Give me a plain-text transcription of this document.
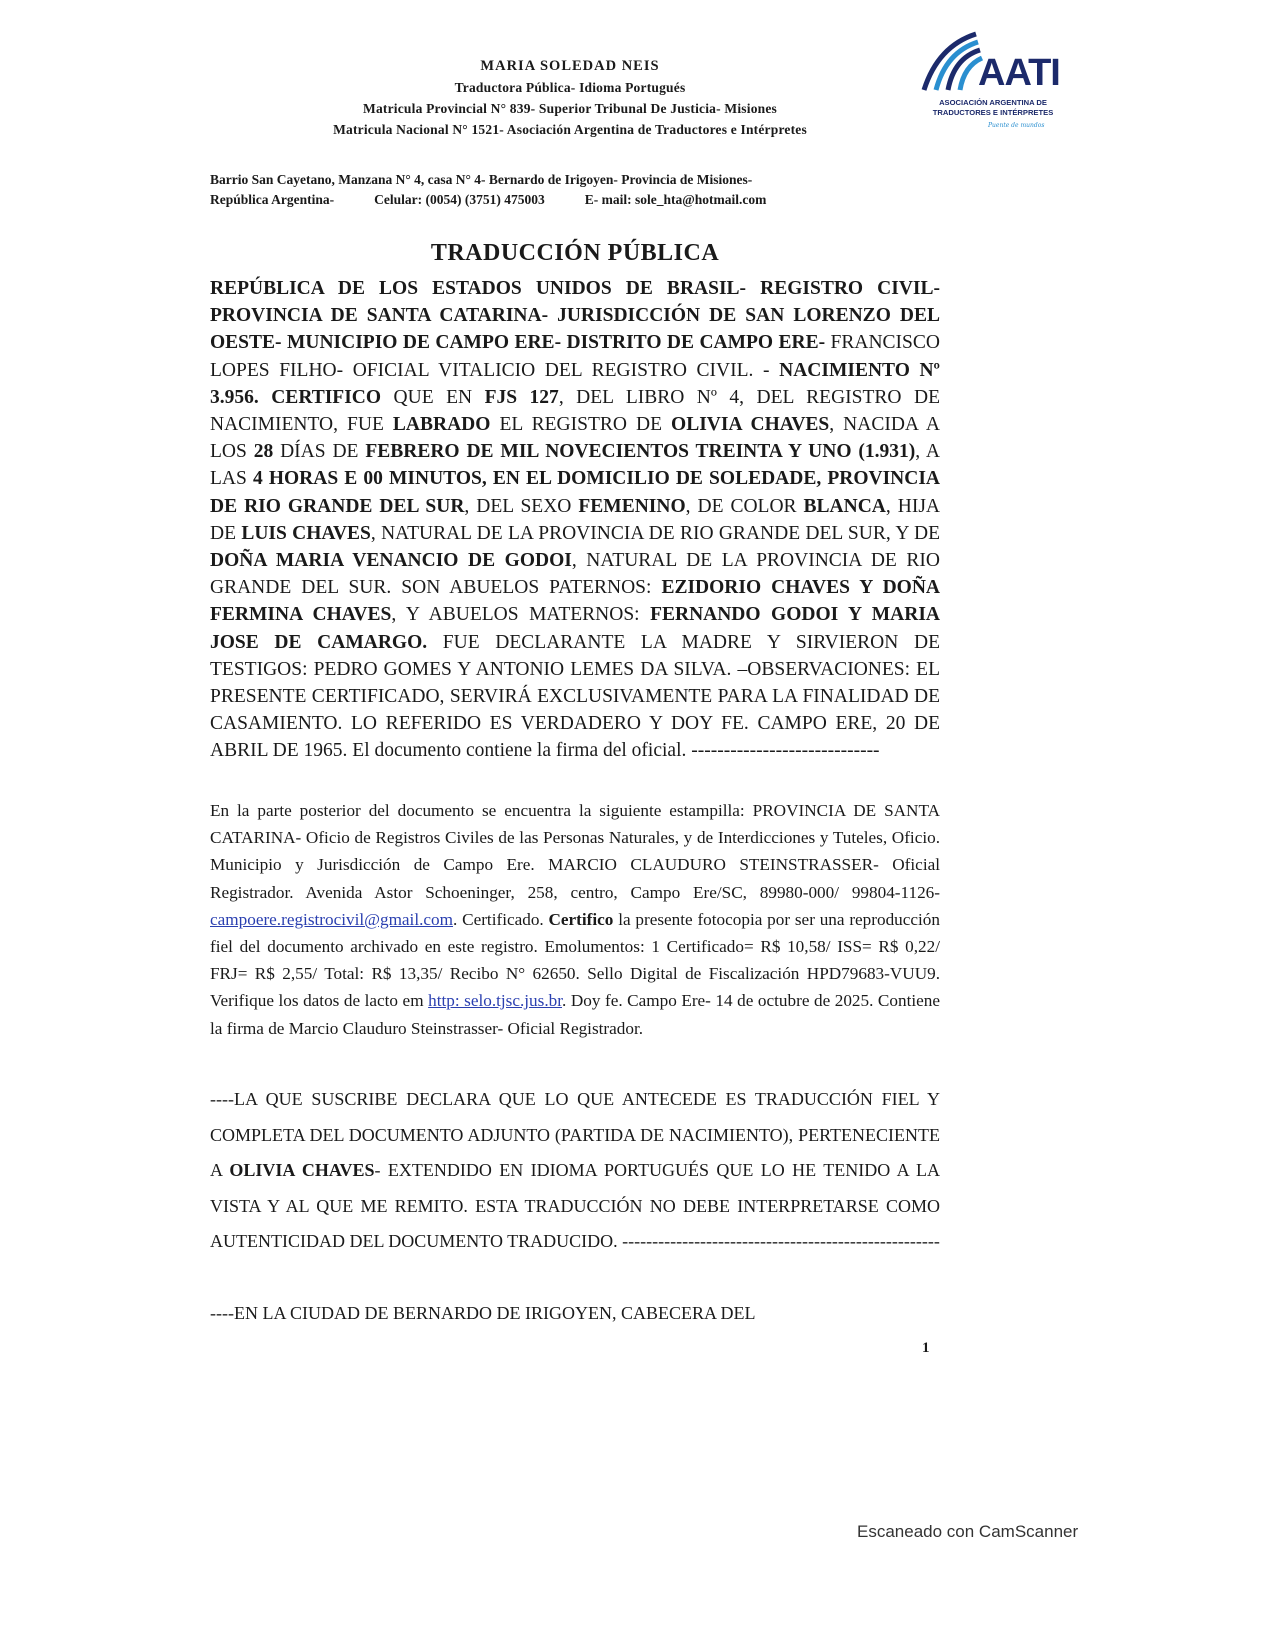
MARIA SOLEDAD NEIS
Traductora Pública- Idioma Portugués
Matricula Provincial N° 839- Superior Tribunal De Justicia- Misiones
Matricula Nacional N° 1521- Asociación Argentina de Traductores e Intérpretes
AATI
ASOCIACIÓN ARGENTINA DE
TRADUCTORES E INTÉRPRETES
Puente de mundos
Barrio San Cayetano, Manzana N° 4, casa N° 4- Bernardo de Irigoyen- Provincia de Misiones-
República Argentina-	Celular: (0054) (3751) 475003	E- mail: sole_hta@hotmail.com
TRADUCCIÓN PÚBLICA
REPÚBLICA DE LOS ESTADOS UNIDOS DE BRASIL- REGISTRO CIVIL- PROVINCIA DE SANTA CATARINA- JURISDICCIÓN DE SAN LORENZO DEL OESTE- MUNICIPIO DE CAMPO ERE- DISTRITO DE CAMPO ERE- FRANCISCO LOPES FILHO- OFICIAL VITALICIO DEL REGISTRO CIVIL. - NACIMIENTO Nº 3.956. CERTIFICO QUE EN FJS 127, DEL LIBRO Nº 4, DEL REGISTRO DE NACIMIENTO, FUE LABRADO EL REGISTRO DE OLIVIA CHAVES, NACIDA A LOS 28 DÍAS DE FEBRERO DE MIL NOVECIENTOS TREINTA Y UNO (1.931), A LAS 4 HORAS E 00 MINUTOS, EN EL DOMICILIO DE SOLEDADE, PROVINCIA DE RIO GRANDE DEL SUR, DEL SEXO FEMENINO, DE COLOR BLANCA, HIJA DE LUIS CHAVES, NATURAL DE LA PROVINCIA DE RIO GRANDE DEL SUR, Y DE DOÑA MARIA VENANCIO DE GODOI, NATURAL DE LA PROVINCIA DE RIO GRANDE DEL SUR. SON ABUELOS PATERNOS: EZIDORIO CHAVES Y DOÑA FERMINA CHAVES, Y ABUELOS MATERNOS: FERNANDO GODOI Y MARIA JOSE DE CAMARGO. FUE DECLARANTE LA MADRE Y SIRVIERON DE TESTIGOS: PEDRO GOMES Y ANTONIO LEMES DA SILVA. –OBSERVACIONES: EL PRESENTE CERTIFICADO, SERVIRÁ EXCLUSIVAMENTE PARA LA FINALIDAD DE CASAMIENTO. LO REFERIDO ES VERDADERO Y DOY FE. CAMPO ERE, 20 DE ABRIL DE 1965. El documento contiene la firma del oficial. -----------------------------
En la parte posterior del documento se encuentra la siguiente estampilla: PROVINCIA DE SANTA CATARINA- Oficio de Registros Civiles de las Personas Naturales, y de Interdicciones y Tuteles, Oficio. Municipio y Jurisdicción de Campo Ere. MARCIO CLAUDURO STEINSTRASSER- Oficial Registrador. Avenida Astor Schoeninger, 258, centro, Campo Ere/SC, 89980-000/ 99804-1126- campoere.registrocivil@gmail.com. Certificado. Certifico la presente fotocopia por ser una reproducción fiel del documento archivado en este registro. Emolumentos: 1 Certificado= R$ 10,58/ ISS= R$ 0,22/ FRJ= R$ 2,55/ Total: R$ 13,35/ Recibo N° 62650. Sello Digital de Fiscalización HPD79683-VUU9. Verifique los datos de lacto em http: selo.tjsc.jus.br. Doy fe. Campo Ere- 14 de octubre de 2025. Contiene la firma de Marcio Clauduro Steinstrasser- Oficial Registrador.
----LA QUE SUSCRIBE DECLARA QUE LO QUE ANTECEDE ES TRADUCCIÓN FIEL Y COMPLETA DEL DOCUMENTO ADJUNTO (PARTIDA DE NACIMIENTO), PERTENECIENTE A OLIVIA CHAVES- EXTENDIDO EN IDIOMA PORTUGUÉS QUE LO HE TENIDO A LA VISTA Y AL QUE ME REMITO. ESTA TRADUCCIÓN NO DEBE INTERPRETARSE COMO AUTENTICIDAD DEL DOCUMENTO TRADUCIDO. -----------------------------------------------------
----EN LA CIUDAD DE BERNARDO DE IRIGOYEN, CABECERA DEL
1
Escaneado con CamScanner
